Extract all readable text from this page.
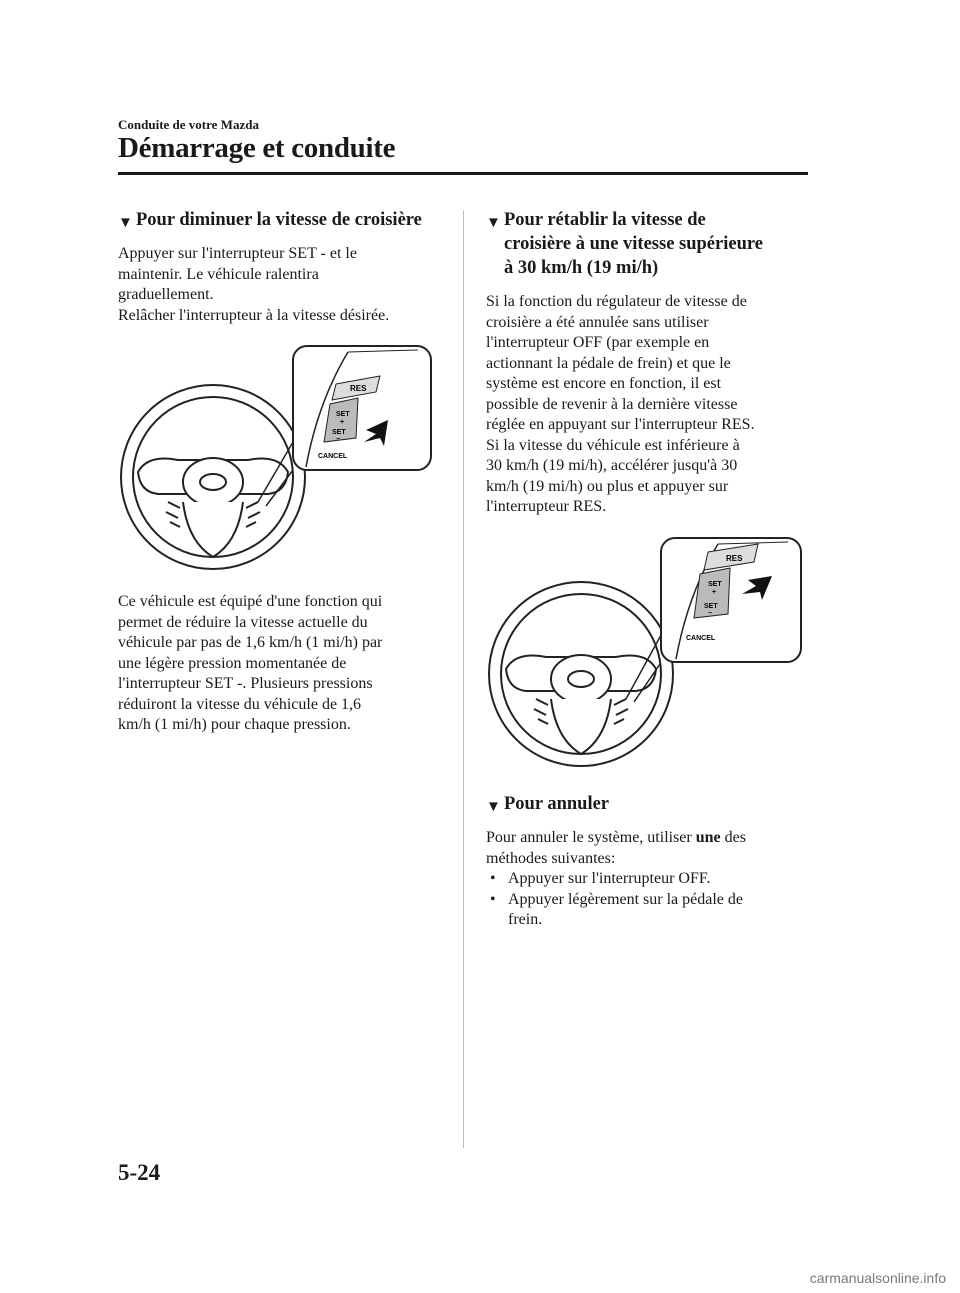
Conduite de votre Mazda
Démarrage et conduite
▼ Pour diminuer la vitesse de croisière

Appuyer sur l'interrupteur SET - et le
maintenir. Le véhicule ralentira
graduellement.
Relâcher l'interrupteur à la vitesse désirée.

RES
SET
+
SET
−
CANCEL

Ce véhicule est équipé d'une fonction qui
permet de réduire la vitesse actuelle du
véhicule par pas de 1,6 km/h (1 mi/h) par
une légère pression momentanée de
l'interrupteur SET -. Plusieurs pressions
réduiront la vitesse du véhicule de 1,6
km/h (1 mi/h) pour chaque pression.

▼ Pour rétablir la vitesse de
croisière à une vitesse supérieure
à 30 km/h (19 mi/h)

Si la fonction du régulateur de vitesse de
croisière a été annulée sans utiliser
l'interrupteur OFF (par exemple en
actionnant la pédale de frein) et que le
système est encore en fonction, il est
possible de revenir à la dernière vitesse
réglée en appuyant sur l'interrupteur RES.
Si la vitesse du véhicule est inférieure à
30 km/h (19 mi/h), accélérer jusqu'à 30
km/h (19 mi/h) ou plus et appuyer sur
l'interrupteur RES.

RES
SET
+
SET
−
CANCEL
▼ Pour annuler

Pour annuler le système, utiliser une des
méthodes suivantes:

• Appuyer sur l'interrupteur OFF.
• Appuyer légèrement sur la pédale de
frein.
5-24
carmanualsonline.info
